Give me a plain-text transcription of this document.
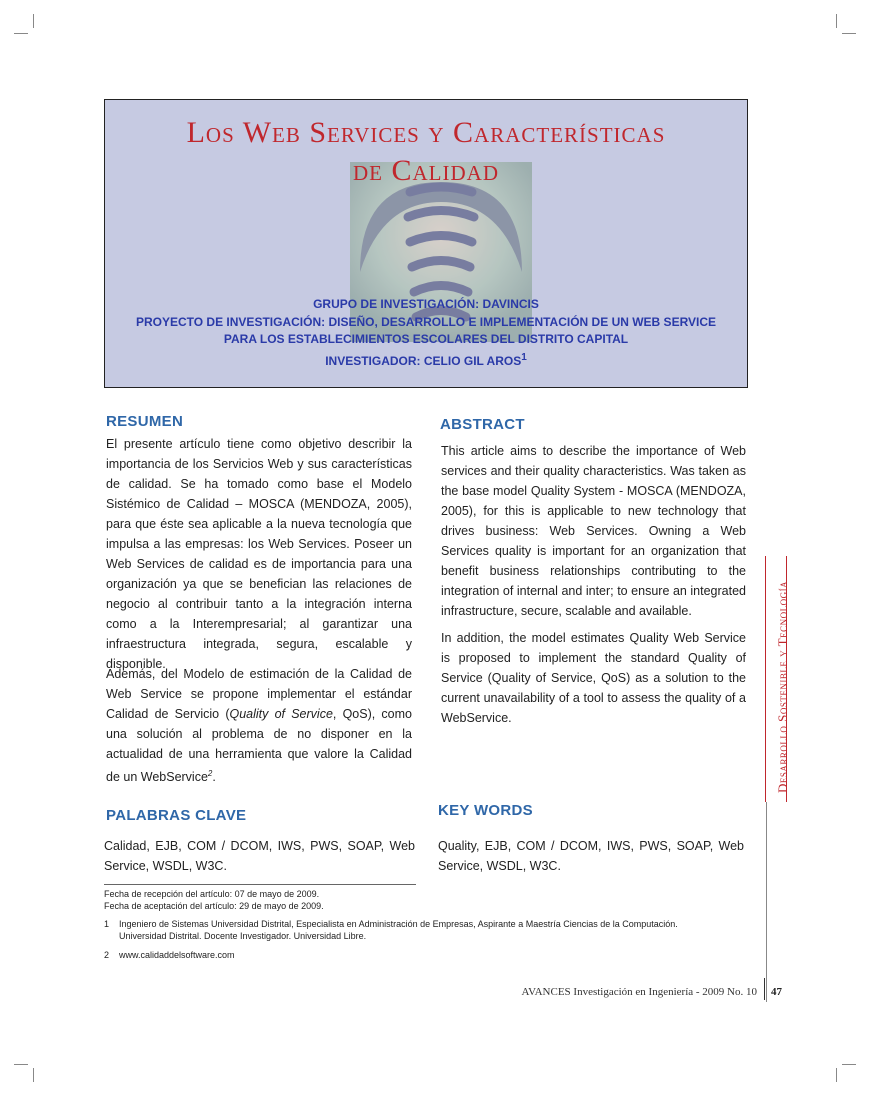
Los Web Services y Características
de Calidad
GRUPO DE INVESTIGACIÓN: DAVINCIS
PROYECTO DE INVESTIGACIÓN: DISEÑO, DESARROLLO E IMPLEMENTACIÓN DE UN WEB SERVICE
PARA LOS ESTABLECIMIENTOS ESCOLARES DEL DISTRITO CAPITAL
INVESTIGADOR: CELIO GIL AROS$^1$
RESUMEN

El presente artículo tiene como objetivo describir la importancia de los Servicios Web y sus características de calidad. Se ha tomado como base el Modelo Sistémico de Calidad – MOSCA (MENDOZA, 2005), para que éste sea aplicable a la nueva tecnología que impulsa a las empresas: los Web Services. Poseer un Web Services de calidad es de importancia para una organización ya que se benefician las relaciones de negocio al contribuir tanto a la integración interna como a la Interempresarial; al garantizar una infraestructura integrada, segura, escalable y disponible.

Además, del Modelo de estimación de la Calidad de Web Service se propone implementar el estándar Calidad de Servicio (Quality of Service, QoS), como una solución al problema de no disponer en la actualidad de una herramienta que valore la Calidad de un WebService$^2$.

ABSTRACT

This article aims to describe the importance of Web services and their quality characteristics. Was taken as the base model Quality System - MOSCA (MENDOZA, 2005), for this is applicable to new technology that drives business: Web Services. Owning a Web Services quality is important for an organization that benefit business relationships contributing to the integration of internal and inter; to ensure an integrated infrastructure, secure, scalable and available.

In addition, the model estimates Quality Web Service is proposed to implement the standard Quality of Service (Quality of Service, QoS) as a solution to the current unavailability of a tool to assess the quality of a WebService.

PALABRAS CLAVE

Calidad, EJB, COM / DCOM, IWS, PWS, SOAP, Web Service, WSDL, W3C.

KEY WORDS

Quality, EJB, COM / DCOM, IWS, PWS, SOAP, Web Service, WSDL, W3C.

Fecha de recepción del artículo: 07 de mayo de 2009.
Fecha de aceptación del artículo: 29 de mayo de 2009.
1 Ingeniero de Sistemas Universidad Distrital, Especialista en Administración de Empresas, Aspirante a Maestría Ciencias de la Computación.
Universidad Distrital. Docente Investigador. Universidad Libre.
2 www.calidaddelsoftware.com
Desarrollo Sostenible y Tecnología
AVANCES Investigación en Ingeniería - 2009 No. 10 47
